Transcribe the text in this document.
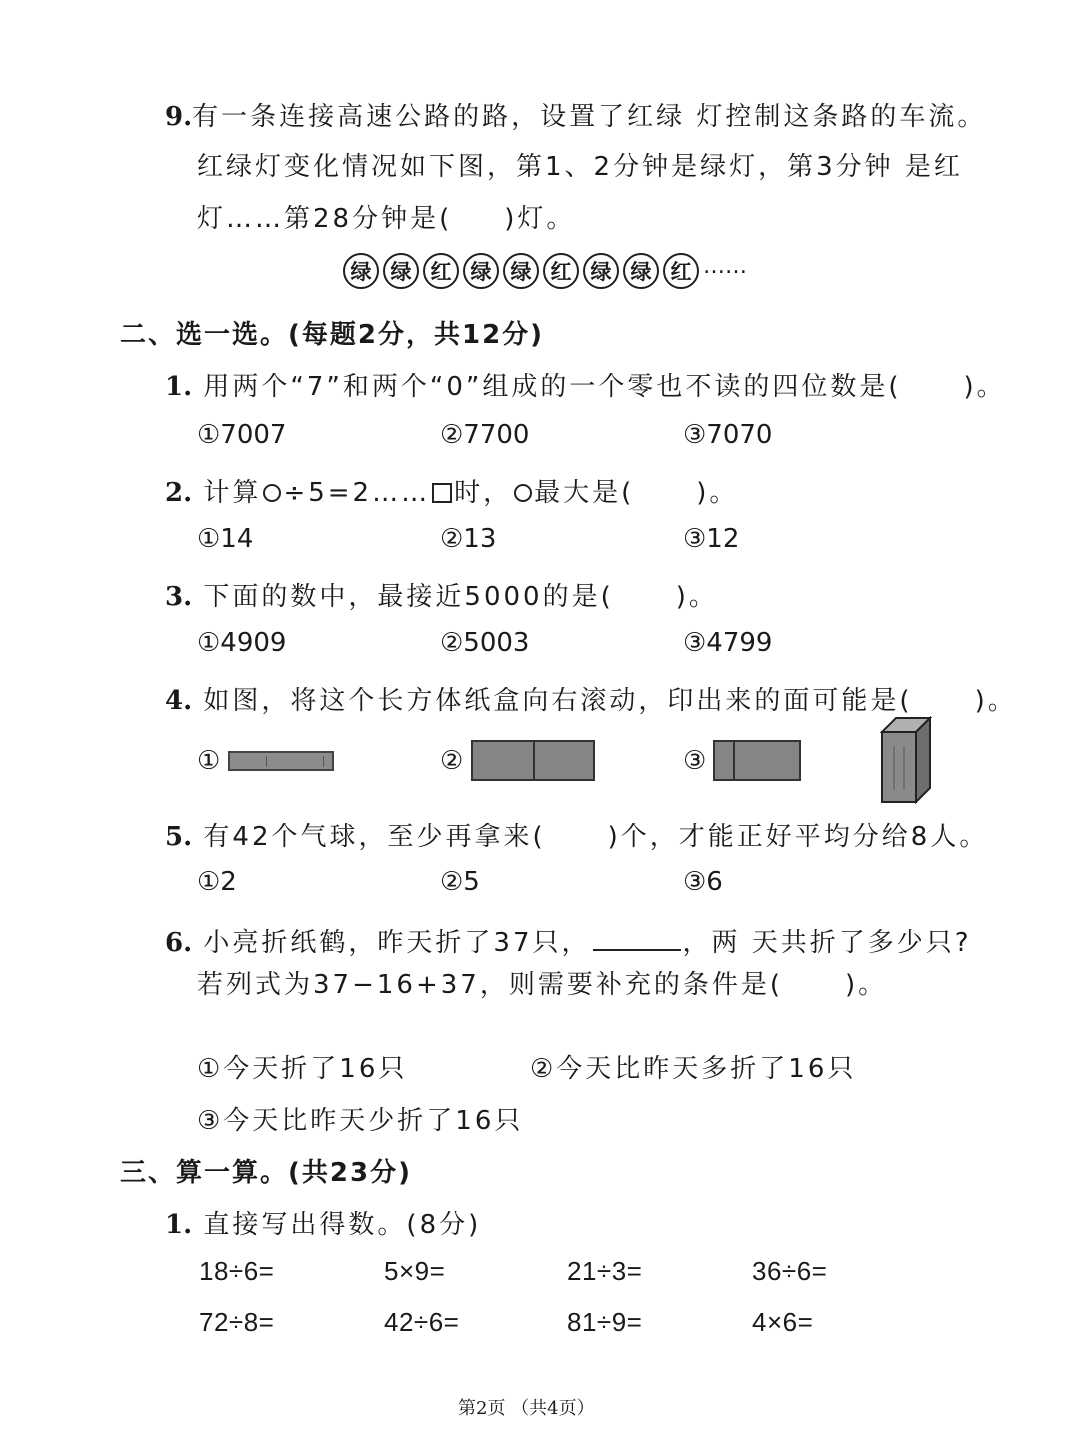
9.有一条连接高速公路的路，设置了红绿 灯控制这条路的车流。
红绿灯变化情况如下图，第1、2分钟是绿灯，第3分钟 是红
灯……第28分钟是( )灯。
绿 绿 红 绿 绿 红 绿 绿 红 ……
二、选一选。(每题2分，共12分)
1. 用两个“7”和两个“0”组成的一个零也不读的四位数是( )。
①7007	②7700	③7070
2. 计算 ÷5=2…… 时， 最大是( )。
①14	②13	③12
3. 下面的数中，最接近5000的是( )。
①4909	②5003	③4799
4. 如图，将这个长方体纸盒向右滚动，印出来的面可能是( )。
①	②	③
5. 有42个气球，至少再拿来( )个，才能正好平均分给8人。
①2	②5	③6
6. 小亮折纸鹤，昨天折了37只，	，两 天共折了多少只?
若列式为37−16+37，则需要补充的条件是( )。
①今天折了16只	②今天比昨天多折了16只
③今天比昨天少折了16只
三、算一算。(共23分)
1. 直接写出得数。(8分)
18÷6=	5×9=	21÷3=	36÷6=
72÷8=	42÷6=	81÷9=	4×6=
第2页 （共4页）
